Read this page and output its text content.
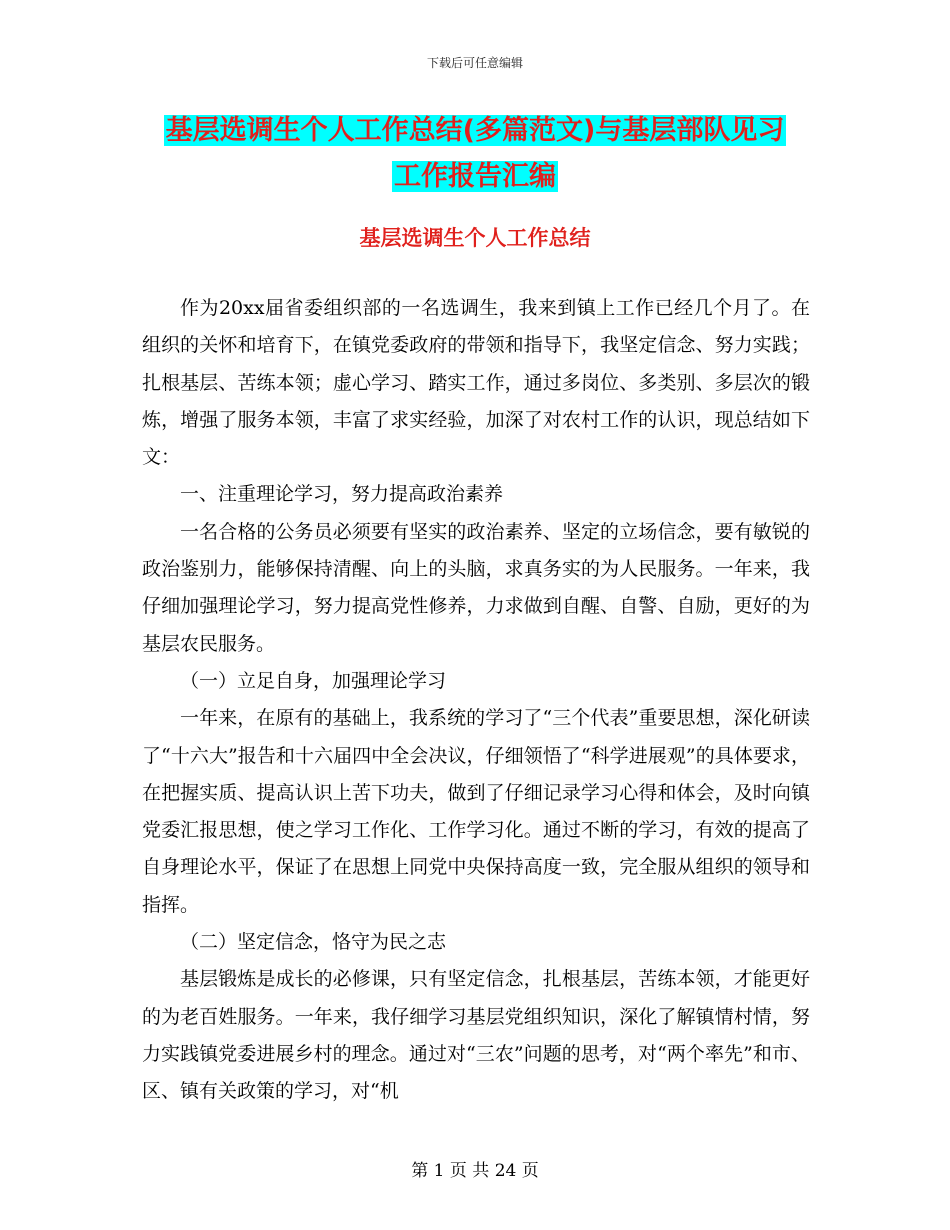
下载后可任意编辑
基层选调生个人工作总结(多篇范文)与基层部队见习
工作报告汇编
基层选调生个人工作总结

作为20xx届省委组织部的一名选调生，我来到镇上工作已经几个月了。在组织的关怀和培育下，在镇党委政府的带领和指导下，我坚定信念、努力实践；扎根基层、苦练本领；虚心学习、踏实工作，通过多岗位、多类别、多层次的锻炼，增强了服务本领，丰富了求实经验，加深了对农村工作的认识，现总结如下文：

一、注重理论学习，努力提高政治素养

一名合格的公务员必须要有坚实的政治素养、坚定的立场信念，要有敏锐的政治鉴别力，能够保持清醒、向上的头脑，求真务实的为人民服务。一年来，我仔细加强理论学习，努力提高党性修养，力求做到自醒、自警、自励，更好的为基层农民服务。

（一）立足自身，加强理论学习

一年来，在原有的基础上，我系统的学习了“三个代表”重要思想，深化研读了“十六大”报告和十六届四中全会决议，仔细领悟了“科学进展观”的具体要求，在把握实质、提高认识上苦下功夫，做到了仔细记录学习心得和体会，及时向镇党委汇报思想，使之学习工作化、工作学习化。通过不断的学习，有效的提高了自身理论水平，保证了在思想上同党中央保持高度一致，完全服从组织的领导和指挥。

（二）坚定信念，恪守为民之志

基层锻炼是成长的必修课，只有坚定信念，扎根基层，苦练本领，才能更好的为老百姓服务。一年来，我仔细学习基层党组织知识，深化了解镇情村情，努力实践镇党委进展乡村的理念。通过对“三农”问题的思考，对“两个率先”和市、区、镇有关政策的学习，对“机

第 1 页 共 24 页
